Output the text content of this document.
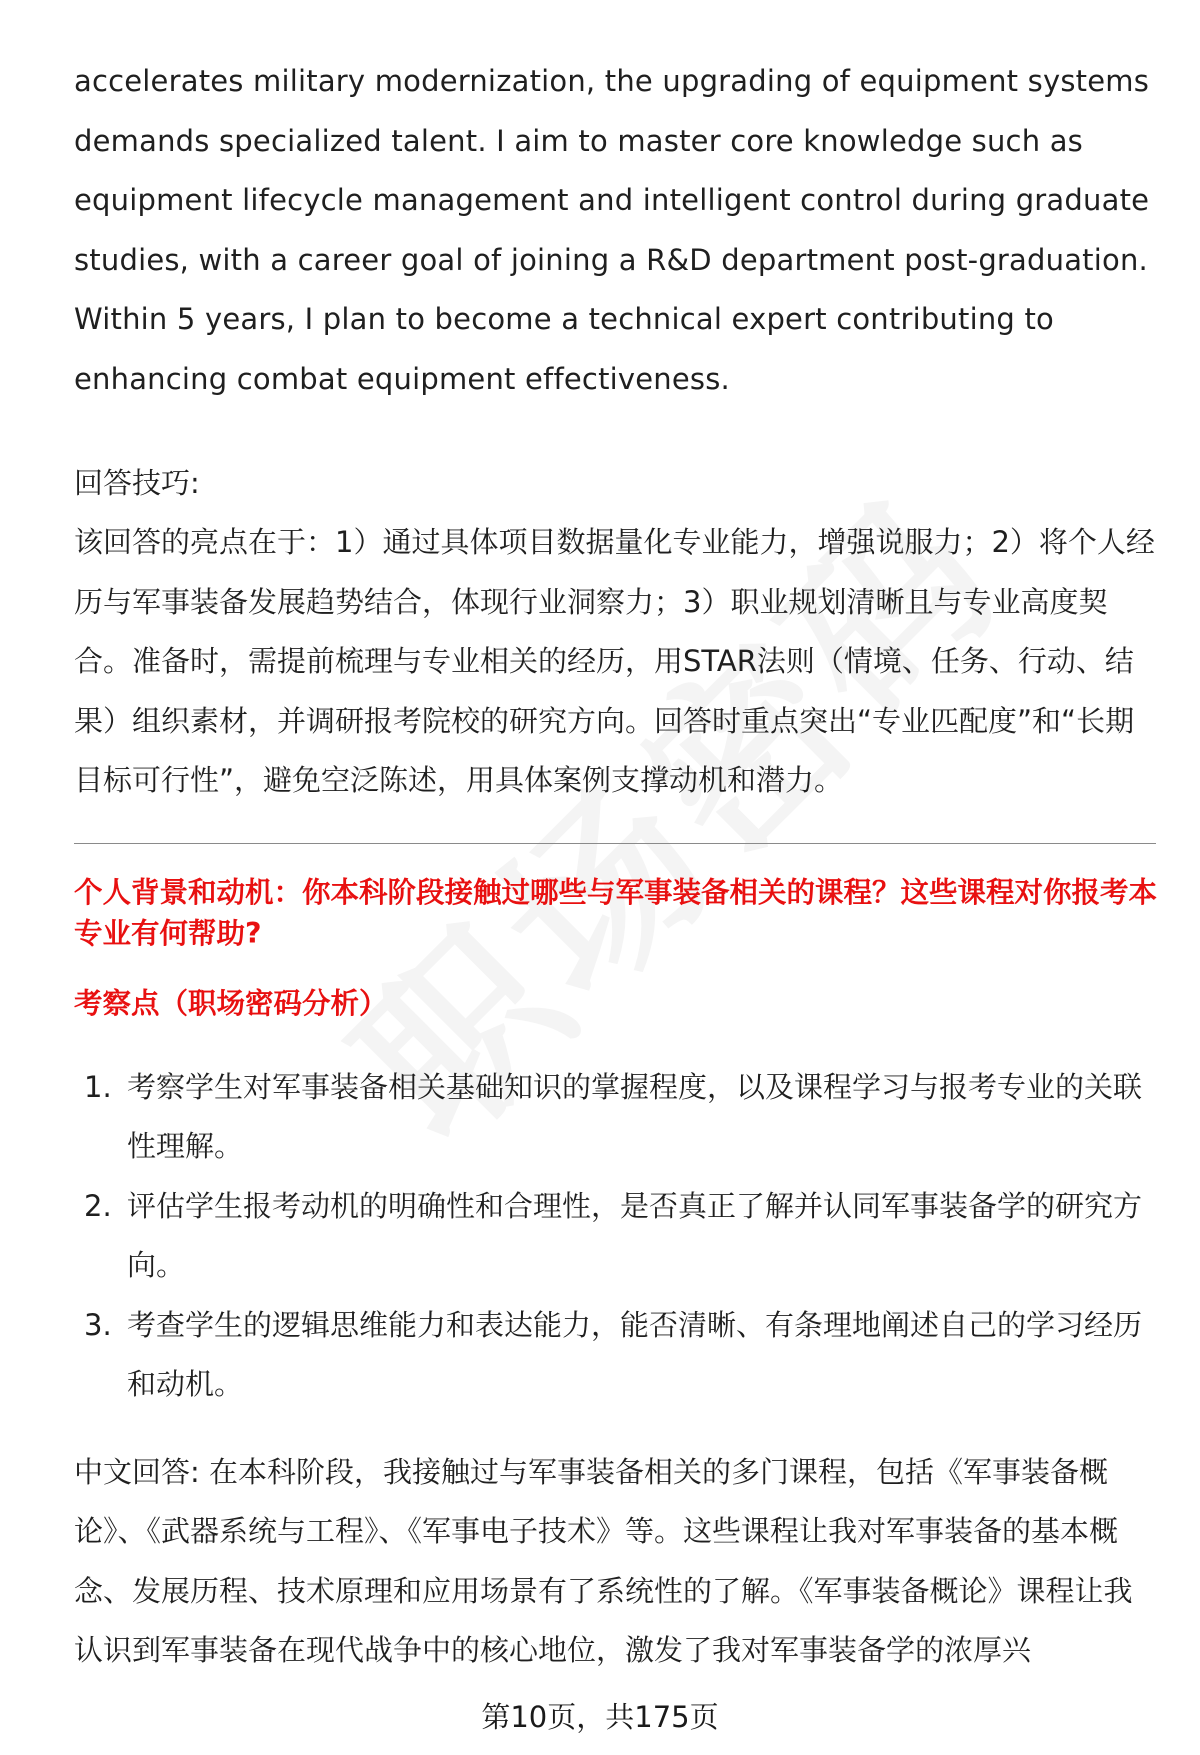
accelerates military modernization, the upgrading of equipment systems demands specialized talent. I aim to master core knowledge such as equipment lifecycle management and intelligent control during graduate studies, with a career goal of joining a R&D department post-graduation. Within 5 years, I plan to become a technical expert contributing to enhancing combat equipment effectiveness.

回答技巧:

该回答的亮点在于：1）通过具体项目数据量化专业能力，增强说服力；2）将个人经历与军事装备发展趋势结合，体现行业洞察力；3）职业规划清晰且与专业高度契合。准备时，需提前梳理与专业相关的经历，用STAR法则（情境、任务、行动、结果）组织素材，并调研报考院校的研究方向。回答时重点突出“专业匹配度”和“长期目标可行性”，避免空泛陈述，用具体案例支撑动机和潜力。

个人背景和动机：你本科阶段接触过哪些与军事装备相关的课程？这些课程对你报考本专业有何帮助?

考察点（职场密码分析）

1. 考察学生对军事装备相关基础知识的掌握程度，以及课程学习与报考专业的关联性理解。
2. 评估学生报考动机的明确性和合理性，是否真正了解并认同军事装备学的研究方向。
3. 考查学生的逻辑思维能力和表达能力，能否清晰、有条理地阐述自己的学习经历和动机。

中文回答: 在本科阶段，我接触过与军事装备相关的多门课程，包括《军事装备概论》、《武器系统与工程》、《军事电子技术》等。这些课程让我对军事装备的基本概念、发展历程、技术原理和应用场景有了系统性的了解。《军事装备概论》课程让我认识到军事装备在现代战争中的核心地位，激发了我对军事装备学的浓厚兴

第10页，共175页
